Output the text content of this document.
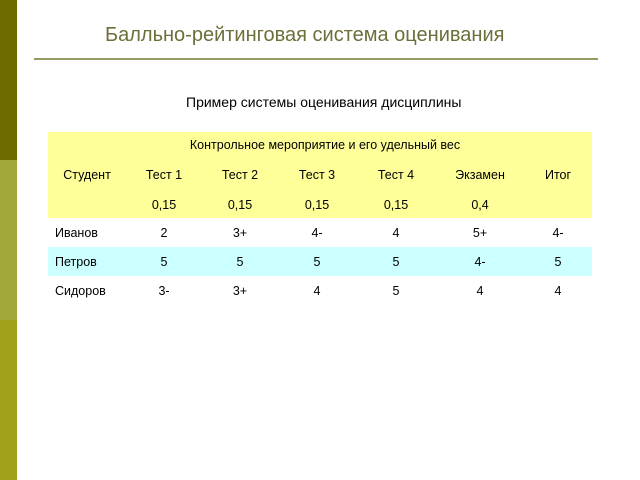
Балльно-рейтинговая система оценивания
Пример системы оценивания дисциплины
	Контрольное мероприятие и его удельный вес					
Студент	Тест 1	Тест 2	Тест 3	Тест 4	Экзамен	Итог
	0,15	0,15	0,15	0,15	0,4	
Иванов	2	3+	4-	4	5+	4-
Петров	5	5	5	5	4-	5
Сидоров	3-	3+	4	5	4	4
